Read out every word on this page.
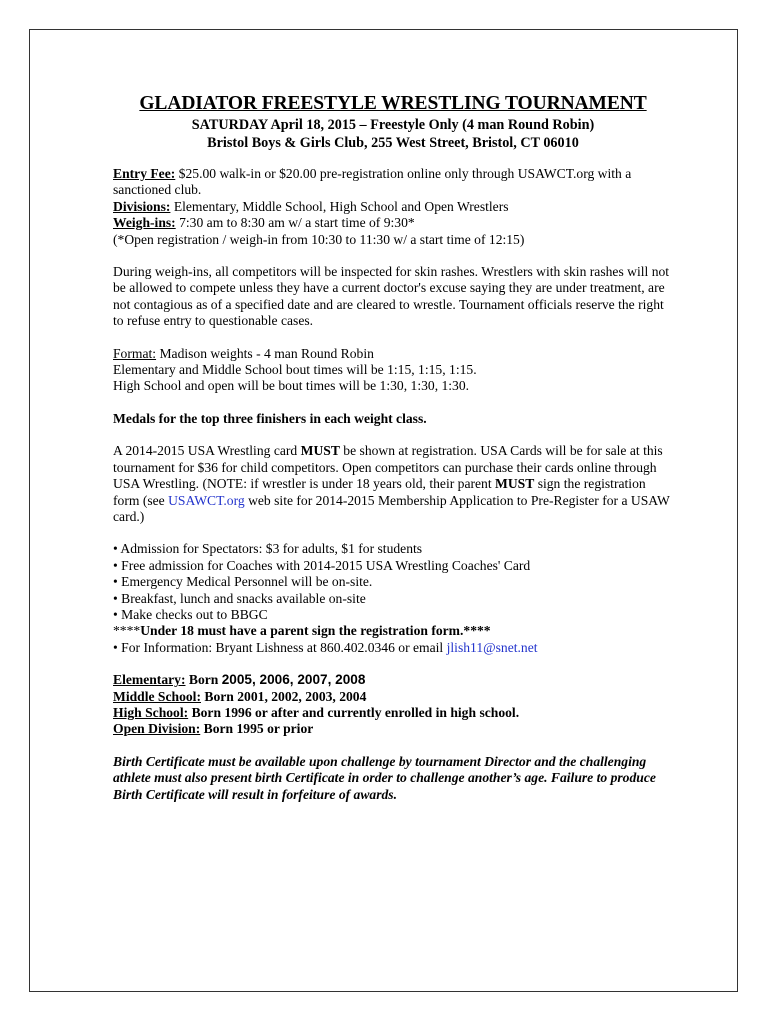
GLADIATOR FREESTYLE WRESTLING TOURNAMENT

SATURDAY April 18, 2015 – Freestyle Only (4 man Round Robin)

Bristol Boys & Girls Club, 255 West Street, Bristol, CT 06010

Entry Fee: $25.00 walk-in or $20.00 pre-registration online only through USAWCT.org with a sanctioned club.

Divisions: Elementary, Middle School, High School and Open Wrestlers

Weigh-ins: 7:30 am to 8:30 am w/ a start time of 9:30*

(*Open registration / weigh-in from 10:30 to 11:30 w/ a start time of 12:15)

During weigh-ins, all competitors will be inspected for skin rashes. Wrestlers with skin rashes will not be allowed to compete unless they have a current doctor's excuse saying they are under treatment, are not contagious as of a specified date and are cleared to wrestle. Tournament officials reserve the right to refuse entry to questionable cases.

Format: Madison weights - 4 man Round Robin

Elementary and Middle School bout times will be 1:15, 1:15, 1:15.

High School and open will be bout times will be 1:30, 1:30, 1:30.

Medals for the top three finishers in each weight class.

A 2014-2015 USA Wrestling card MUST be shown at registration. USA Cards will be for sale at this tournament for $36 for child competitors. Open competitors can purchase their cards online through USA Wrestling. (NOTE: if wrestler is under 18 years old, their parent MUST sign the registration form (see USAWCT.org web site for 2014-2015 Membership Application to Pre-Register for a USAW card.)

• Admission for Spectators: $3 for adults, $1 for students

• Free admission for Coaches with 2014-2015 USA Wrestling Coaches' Card

• Emergency Medical Personnel will be on-site.

• Breakfast, lunch and snacks available on-site

• Make checks out to BBGC

****Under 18 must have a parent sign the registration form.****

• For Information: Bryant Lishness at 860.402.0346 or email jlish11@snet.net

Elementary: Born 2005, 2006, 2007, 2008

Middle School: Born 2001, 2002, 2003, 2004

High School: Born 1996 or after and currently enrolled in high school.

Open Division: Born 1995 or prior

Birth Certificate must be available upon challenge by tournament Director and the challenging athlete must also present birth Certificate in order to challenge another’s age. Failure to produce Birth Certificate will result in forfeiture of awards.
